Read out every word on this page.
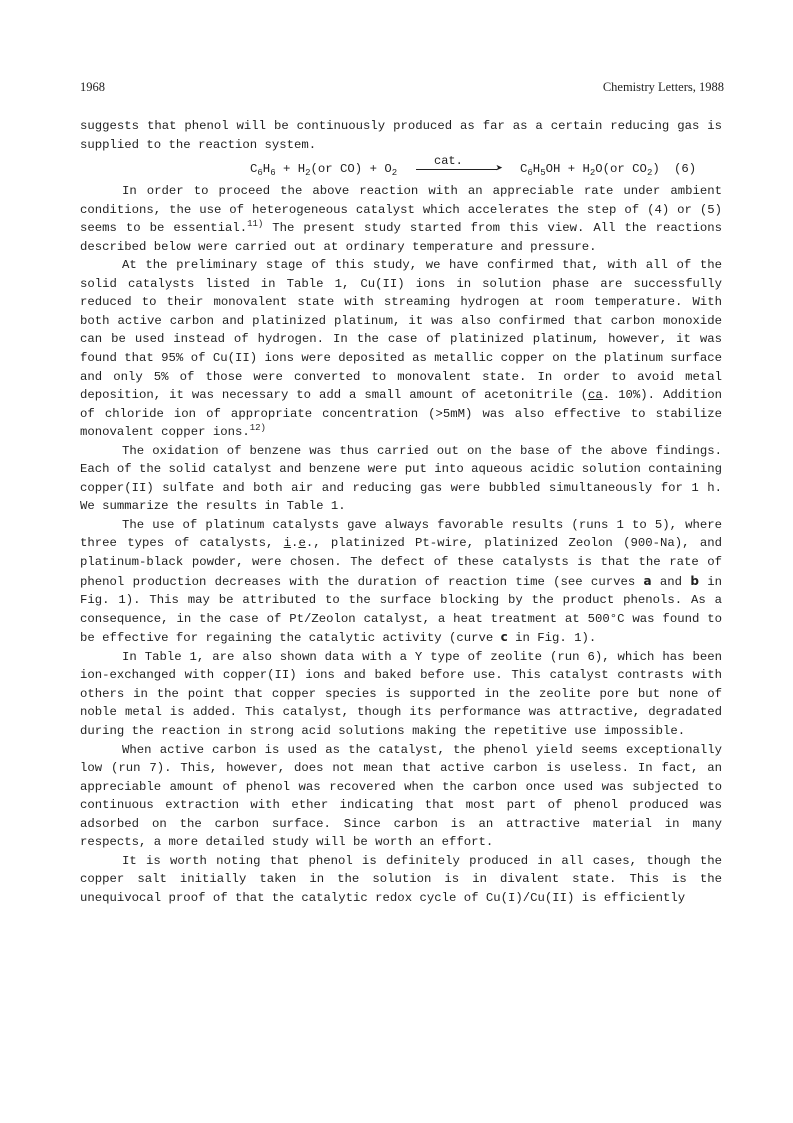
1968	Chemistry Letters, 1988

suggests that phenol will be continuously produced as far as a certain reducing gas is supplied to the reaction system.

$C_6H_6 + H_2(or$ $CO) + O_2$
cat.
➤ $C_6H_5OH + H_2O(or$ $CO_2$) (6)

In order to proceed the above reaction with an appreciable rate under ambient conditions, the use of heterogeneous catalyst which accelerates the step of (4) or (5) seems to be essential.$^{11)}$ The present study started from this view. All the reactions described below were carried out at ordinary temperature and pressure.

At the preliminary stage of this study, we have confirmed that, with all of the solid catalysts listed in Table 1, Cu(II) ions in solution phase are successfully reduced to their monovalent state with streaming hydrogen at room temperature. With both active carbon and platinized platinum, it was also confirmed that carbon monoxide can be used instead of hydrogen. In the case of platinized platinum, however, it was found that 95% of Cu(II) ions were deposited as metallic copper on the platinum surface and only 5% of those were converted to monovalent state. In order to avoid metal deposition, it was necessary to add a small amount of acetonitrile (ca. 10%). Addition of chloride ion of appropriate concentration (>5mM) was also effective to stabilize monovalent copper ions.$^{12)}$

The oxidation of benzene was thus carried out on the base of the above findings. Each of the solid catalyst and benzene were put into aqueous acidic solution containing copper(II) sulfate and both air and reducing gas were bubbled simultaneously for 1 h. We summarize the results in Table 1.

The use of platinum catalysts gave always favorable results (runs 1 to 5), where three types of catalysts, i.e., platinized Pt-wire, platinized Zeolon (900-Na), and platinum-black powder, were chosen. The defect of these catalysts is that the rate of phenol production decreases with the duration of reaction time (see curves a and b in Fig. 1). This may be attributed to the surface blocking by the product phenols. As a consequence, in the case of Pt/Zeolon catalyst, a heat treatment at 500°C was found to be effective for regaining the catalytic activity (curve c in Fig. 1).

In Table 1, are also shown data with a Y type of zeolite (run 6), which has been ion-exchanged with copper(II) ions and baked before use. This catalyst contrasts with others in the point that copper species is supported in the zeolite pore but none of noble metal is added. This catalyst, though its performance was attractive, degradated during the reaction in strong acid solutions making the repetitive use impossible.

When active carbon is used as the catalyst, the phenol yield seems exceptionally low (run 7). This, however, does not mean that active carbon is useless. In fact, an appreciable amount of phenol was recovered when the carbon once used was subjected to continuous extraction with ether indicating that most part of phenol produced was adsorbed on the carbon surface. Since carbon is an attractive material in many respects, a more detailed study will be worth an effort.

It is worth noting that phenol is definitely produced in all cases, though the copper salt initially taken in the solution is in divalent state. This is the unequivocal proof of that the catalytic redox cycle of Cu(I)/Cu(II) is efficiently
